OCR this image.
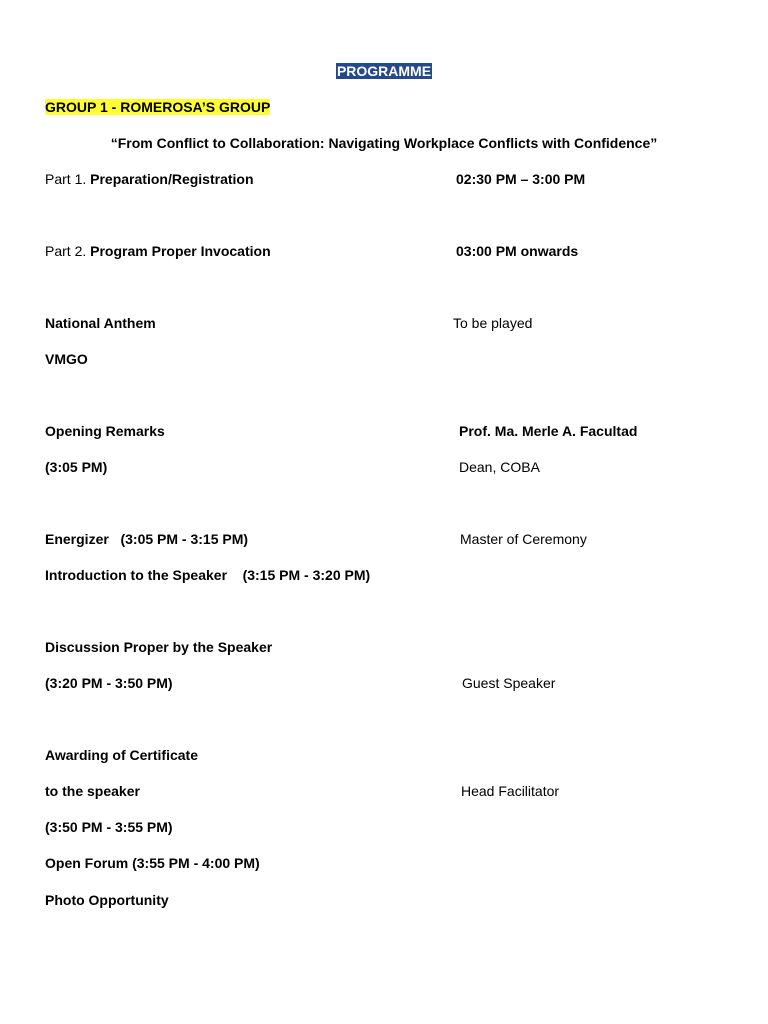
PROGRAMME
GROUP 1 - ROMEROSA’S GROUP
“From Conflict to Collaboration: Navigating Workplace Conflicts with Confidence”
Part 1. Preparation/Registration	02:30 PM – 3:00 PM
Part 2. Program Proper Invocation	03:00 PM onwards
National Anthem	To be played
VMGO
Opening Remarks	Prof. Ma. Merle A. Facultad
(3:05 PM)	Dean, COBA
Energizer   (3:05 PM - 3:15 PM)	Master of Ceremony
Introduction to the Speaker    (3:15 PM - 3:20 PM)
Discussion Proper by the Speaker
(3:20 PM - 3:50 PM)	Guest Speaker
Awarding of Certificate
to the speaker	Head Facilitator
(3:50 PM - 3:55 PM)
Open Forum (3:55 PM - 4:00 PM)
Photo Opportunity
